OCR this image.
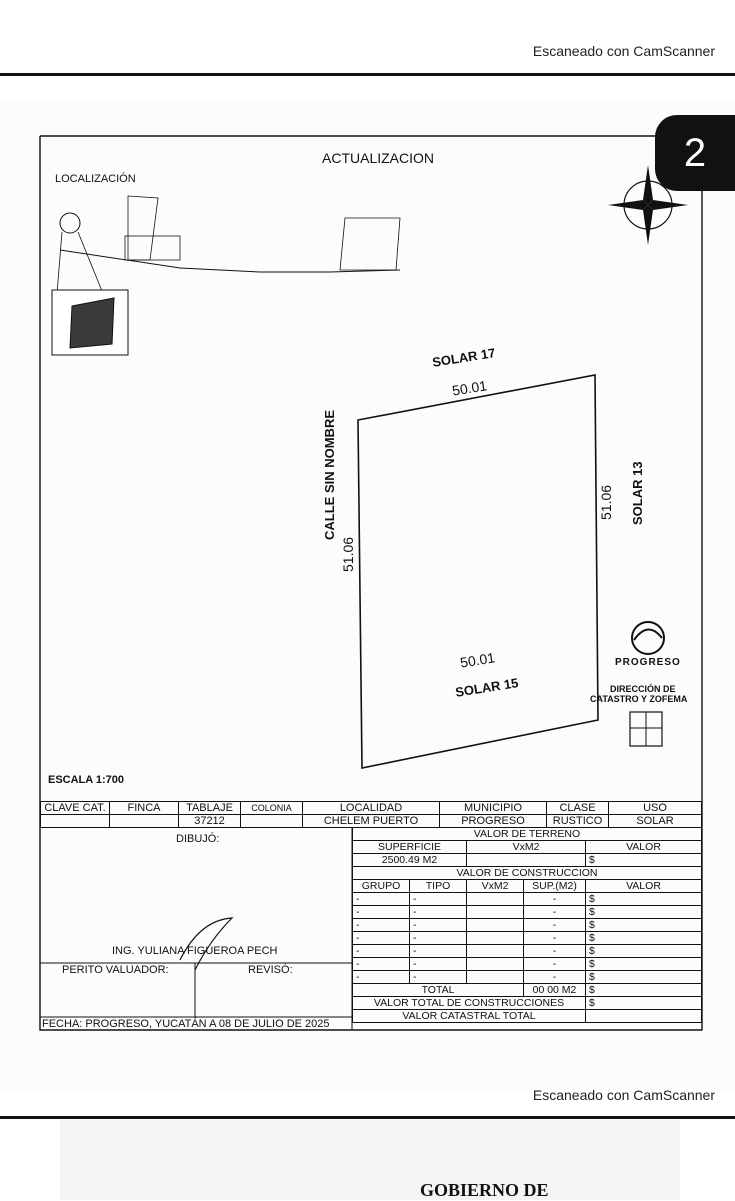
Escaneado con CamScanner
ACTUALIZACION
LOCALIZACIÓN
SOLAR 17
50.01
50.01
SOLAR 15
CALLE SIN NOMBRE
51.06
51.06 SOLAR 13
PROGRESO
DIRECCIÓN DE
CATASTRO Y ZOFEMA
ESCALA 1:700
CLAVE CAT.	FINCA	TABLAJE	COLONIA	LOCALIDAD	MUNICIPIO	CLASE	USO
		37212		CHELEM PUERTO	PROGRESO	RUSTICO	SOLAR
DIBUJÓ:
ING. YULIANA FIGUEROA PECH
PERITO VALUADOR:	REVISÓ:
FECHA: PROGRESO, YUCATÁN A 08 DE JULIO DE 2025
VALOR DE TERRENO				
SUPERFICIE		VxM2		VALOR
2500.49 M2				$
VALOR DE CONSTRUCCION				
GRUPO	TIPO	VxM2	SUP.(M2)	VALOR
-	-		-	$
-	-		-	$
-	-		-	$
-	-		-	$
-	-		-	$
-	-		-	$
-	-		-	$
TOTAL			00 00 M2	$
VALOR TOTAL DE CONSTRUCCIONES				$
VALOR CATASTRAL TOTAL				
2
Escaneado con CamScanner
GOBIERNO DE
